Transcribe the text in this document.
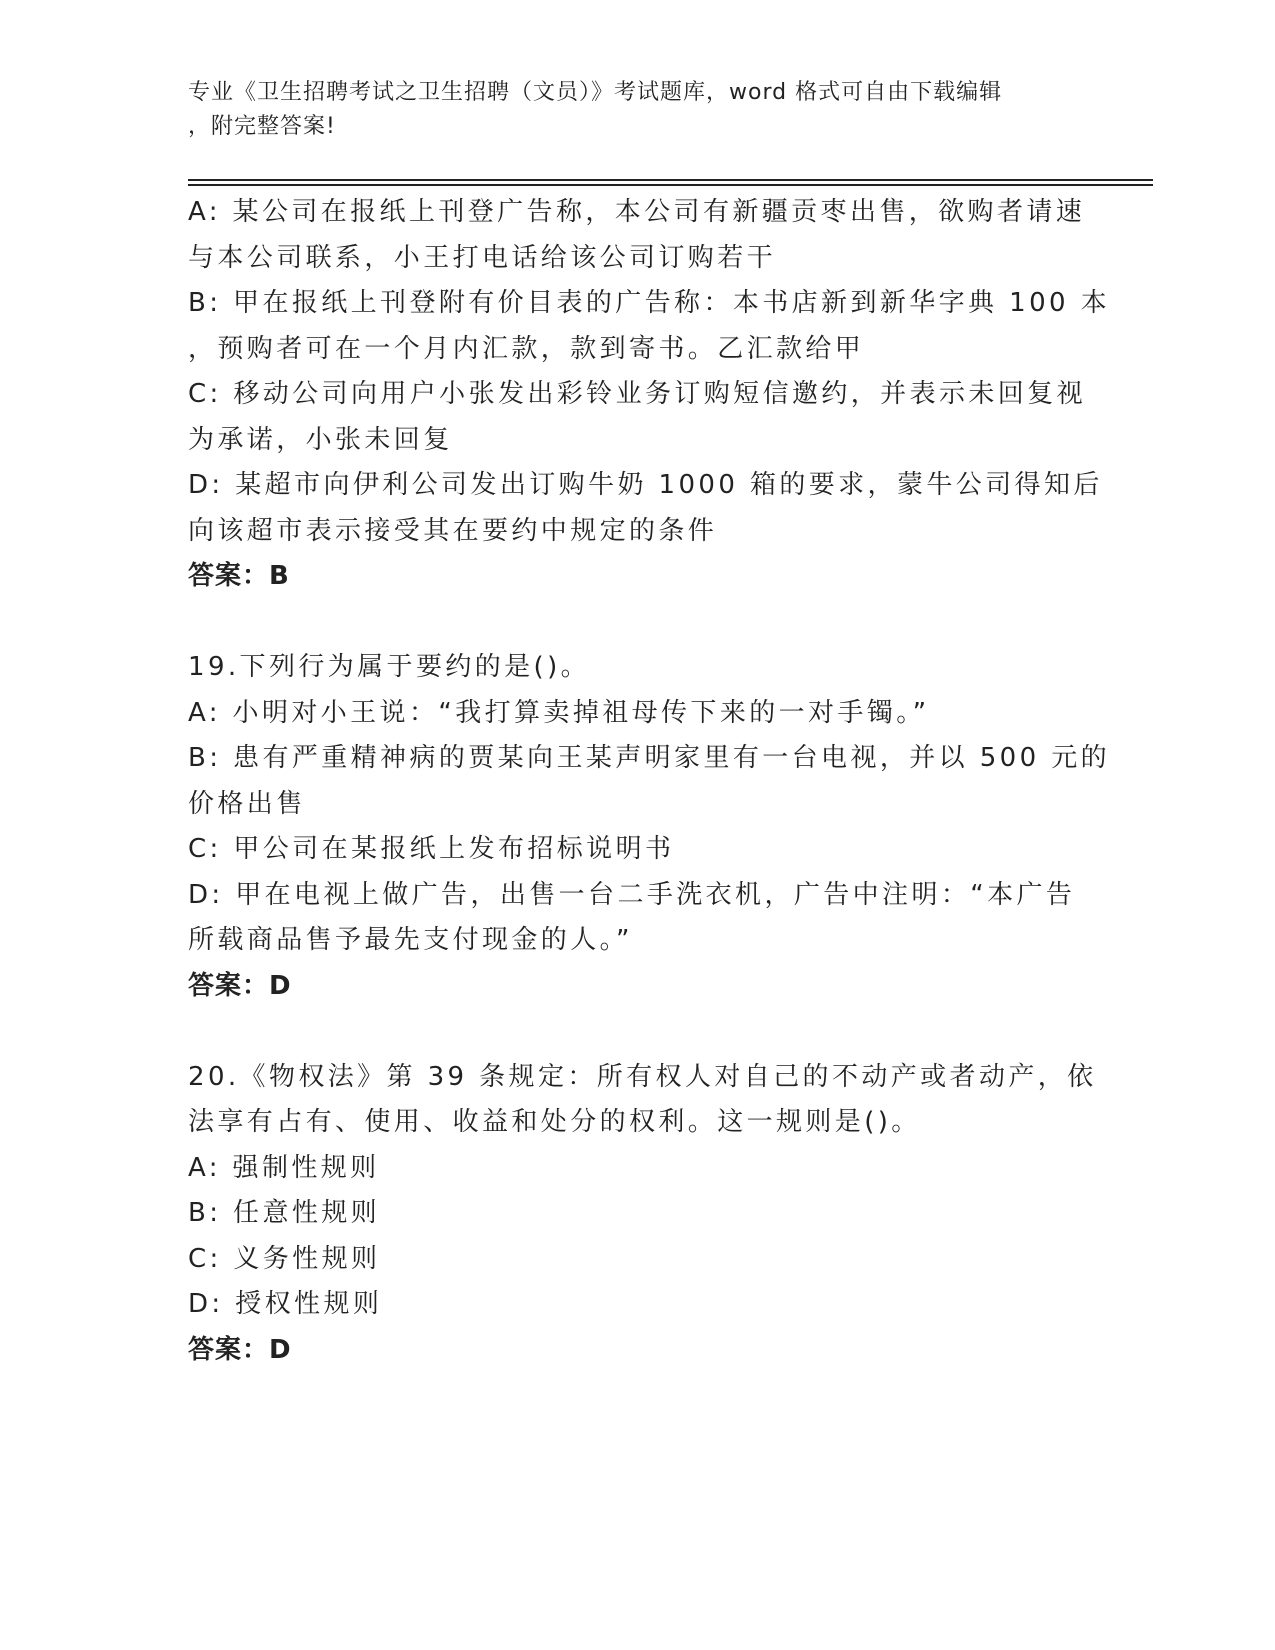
专业《卫生招聘考试之卫生招聘（文员）》考试题库，word 格式可自由下载编辑
，附完整答案!
A: 某公司在报纸上刊登广告称，本公司有新疆贡枣出售，欲购者请速
与本公司联系，小王打电话给该公司订购若干
B: 甲在报纸上刊登附有价目表的广告称：本书店新到新华字典 100 本
，预购者可在一个月内汇款，款到寄书。乙汇款给甲
C: 移动公司向用户小张发出彩铃业务订购短信邀约，并表示未回复视
为承诺，小张未回复
D: 某超市向伊利公司发出订购牛奶 1000 箱的要求，蒙牛公司得知后
向该超市表示接受其在要约中规定的条件
答案：B
19.下列行为属于要约的是()。
A: 小明对小王说：“我打算卖掉祖母传下来的一对手镯。”
B: 患有严重精神病的贾某向王某声明家里有一台电视，并以 500 元的
价格出售
C: 甲公司在某报纸上发布招标说明书
D: 甲在电视上做广告，出售一台二手洗衣机，广告中注明：“本广告
所载商品售予最先支付现金的人。”
答案：D
20.《物权法》第 39 条规定：所有权人对自己的不动产或者动产，依
法享有占有、使用、收益和处分的权利。这一规则是()。
A: 强制性规则
B: 任意性规则
C: 义务性规则
D: 授权性规则
答案：D
